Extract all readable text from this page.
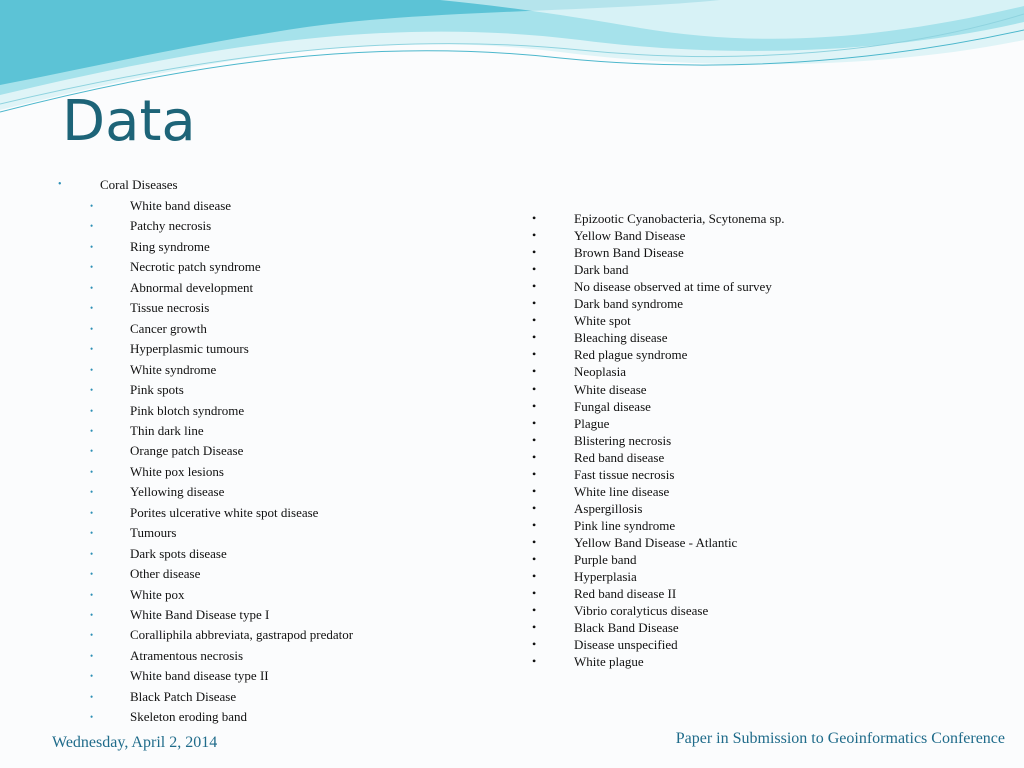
Data
•	Coral Diseases
•	White band disease
•	Patchy necrosis
•	Ring syndrome
•	Necrotic patch syndrome
•	Abnormal development
•	Tissue necrosis
•	Cancer growth
•	Hyperplasmic tumours
•	White syndrome
•	Pink spots
•	Pink blotch syndrome
•	Thin dark line
•	Orange patch Disease
•	White pox lesions
•	Yellowing disease
•	Porites ulcerative white spot disease
•	Tumours
•	Dark spots disease
•	Other disease
•	White pox
•	White Band Disease type I
•	Coralliphila abbreviata, gastrapod predator
•	Atramentous necrosis
•	White band disease type II
•	Black Patch Disease
•	Skeleton eroding band
•	Epizootic Cyanobacteria, Scytonema sp.
•	Yellow Band Disease
•	Brown Band Disease
•	Dark band
•	No disease observed at time of survey
•	Dark band syndrome
•	White spot
•	Bleaching disease
•	Red plague syndrome
•	Neoplasia
•	White disease
•	Fungal disease
•	Plague
•	Blistering necrosis
•	Red band disease
•	Fast tissue necrosis
•	White line disease
•	Aspergillosis
•	Pink line syndrome
•	Yellow Band Disease - Atlantic
•	Purple band
•	Hyperplasia
•	Red band disease II
•	Vibrio coralyticus disease
•	Black Band Disease
•	Disease unspecified
•	White plague
Wednesday, April 2, 2014	Paper in Submission to Geoinformatics Conference
